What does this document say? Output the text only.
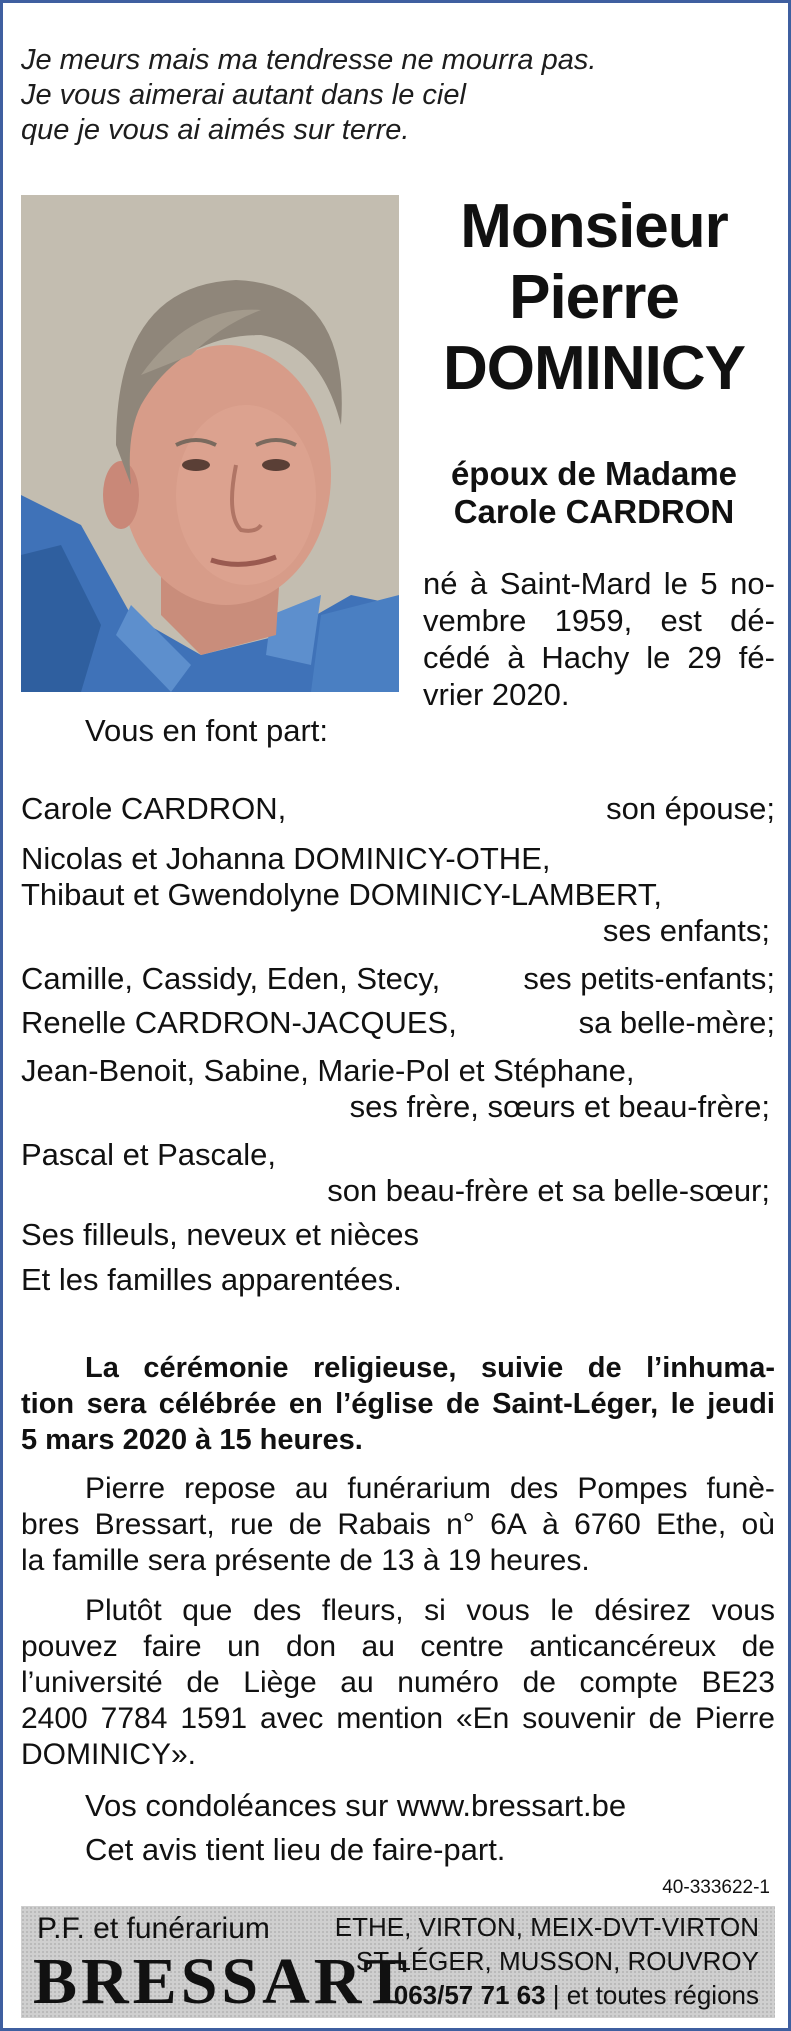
Je meurs mais ma tendresse ne mourra pas.
Je vous aimerai autant dans le ciel
que je vous ai aimés sur terre.
Monsieur
Pierre
DOMINICY
époux de Madame
Carole CARDRON
né à Saint-Mard le 5 no-
vembre 1959, est dé-
cédé à Hachy le 29 fé-
vrier 2020.
Vous en font part:
Carole CARDRON,	son épouse;
Nicolas et Johanna DOMINICY-OTHE,
Thibaut et Gwendolyne DOMINICY-LAMBERT,
ses enfants;
Camille, Cassidy, Eden, Stecy,	ses petits-enfants;
Renelle CARDRON-JACQUES,	sa belle-mère;
Jean-Benoit, Sabine, Marie-Pol et Stéphane,
ses frère, sœurs et beau-frère;
Pascal et Pascale,
son beau-frère et sa belle-sœur;
Ses filleuls, neveux et nièces
Et les familles apparentées.
La cérémonie religieuse, suivie de l’inhuma-
tion sera célébrée en l’église de Saint-Léger, le jeudi
5 mars 2020 à 15 heures.
Pierre repose au funérarium des Pompes funè-
bres Bressart, rue de Rabais n° 6A à 6760 Ethe, où
la famille sera présente de 13 à 19 heures.
Plutôt que des fleurs, si vous le désirez vous
pouvez faire un don au centre anticancéreux de
l’université de Liège au numéro de compte BE23
2400 7784 1591 avec mention «En souvenir de Pierre
DOMINICY».
Vos condoléances sur www.bressart.be
Cet avis tient lieu de faire-part.
40-333622-1
P.F. et funérarium
BRESSART
ETHE, VIRTON, MEIX-DVT-VIRTON
ST-LÉGER, MUSSON, ROUVROY
063/57 71 63 | et toutes régions
